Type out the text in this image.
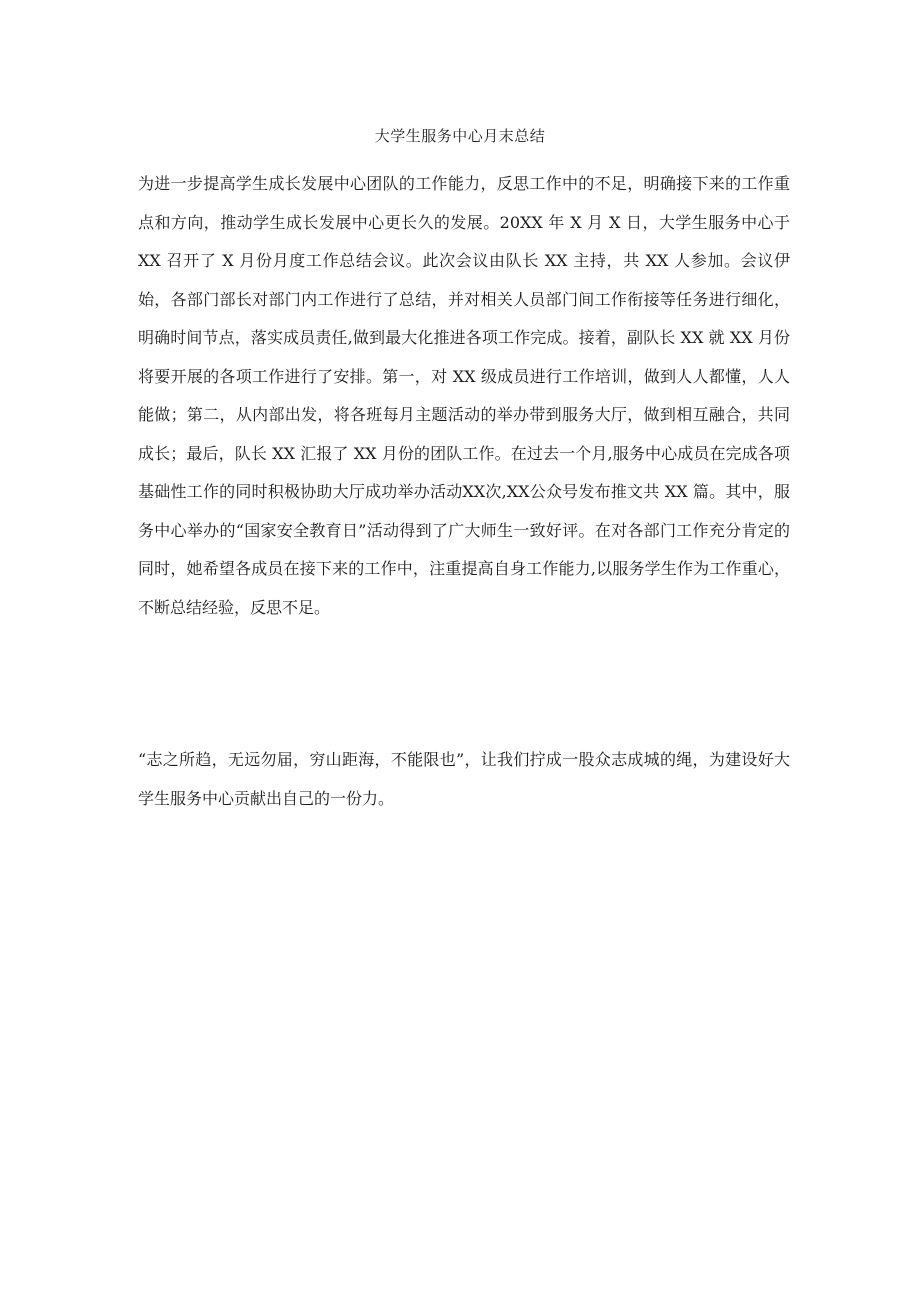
大学生服务中心月末总结

为进一步提高学生成长发展中心团队的工作能力，反思工作中的不足，明确接下来的工作重点和方向，推动学生成长发展中心更长久的发展。20XX 年 X 月 X 日，大学生服务中心于 XX 召开了 X 月份月度工作总结会议。此次会议由队长 XX 主持，共 XX 人参加。会议伊始，各部门部长对部门内工作进行了总结，并对相关人员部门间工作衔接等任务进行细化，明确时间节点，落实成员责任,做到最大化推进各项工作完成。接着，副队长 XX 就 XX 月份将要开展的各项工作进行了安排。第一，对 XX 级成员进行工作培训，做到人人都懂，人人能做；第二，从内部出发，将各班每月主题活动的举办带到服务大厅，做到相互融合，共同成长；最后，队长 XX 汇报了 XX 月份的团队工作。在过去一个月,服务中心成员在完成各项基础性工作的同时积极协助大厅成功举办活动XX次,XX公众号发布推文共 XX 篇。其中，服务中心举办的“国家安全教育日”活动得到了广大师生一致好评。在对各部门工作充分肯定的同时，她希望各成员在接下来的工作中，注重提高自身工作能力,以服务学生作为工作重心，不断总结经验，反思不足。

“志之所趋，无远勿届，穷山距海，不能限也”，让我们拧成一股众志成城的绳，为建设好大学生服务中心贡献出自己的一份力。
